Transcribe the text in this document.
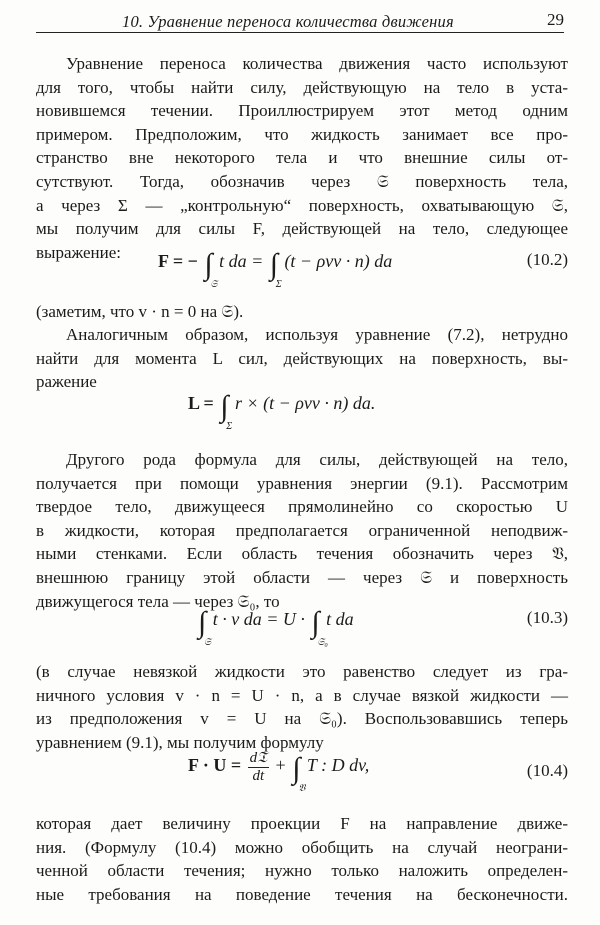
10. Уравнение переноса количества движения	29
Уравнение переноса количества движения часто используют
для того, чтобы найти силу, действующую на тело в уста-
новившемся течении. Проиллюстрируем этот метод одним
примером. Предположим, что жидкость занимает все про-
странство вне некоторого тела и что внешние силы от-
сутствуют. Тогда, обозначив через 𝔖 поверхность тела,
а через Σ — „контрольную“ поверхность, охватывающую 𝔖,
мы получим для силы F, действующей на тело, следующее
выражение:	F = − ∫
𝔖
t da = ∫
Σ
(t − ρvv · n) da	(10.2)
(заметим, что v · n = 0 на 𝔖).
Аналогичным образом, используя уравнение (7.2), нетрудно
найти для момента L сил, действующих на поверхность, вы-
ражение
L = ∫
Σ
r × (t − ρvv · n) da.
Другого рода формула для силы, действующей на тело,
получается при помощи уравнения энергии (9.1). Рассмотрим
твердое тело, движущееся прямолинейно со скоростью U
в жидкости, которая предполагается ограниченной неподвиж-
ными стенками. Если область течения обозначить через 𝔙,
внешнюю границу этой области — через 𝔖 и поверхность
движущегося тела — через 𝔖₀, то
∫
𝔖
t · v da = U · ∫
𝔖₀
t da	(10.3)
(в случае невязкой жидкости это равенство следует из гра-
ничного условия v · n = U · n, а в случае вязкой жидкости —
из предположения v = U на 𝔖₀). Воспользовавшись теперь
уравнением (9.1), мы получим формулу
$F \cdot U = \frac{\text{d𝔗}}{dt}$ + ∫
𝔙
T : D dv,	(10.4)
которая дает величину проекции F на направление движе-
ния. (Формулу (10.4) можно обобщить на случай неограни-
ченной области течения; нужно только наложить определен-
ные требования на поведение течения на бесконечности.
